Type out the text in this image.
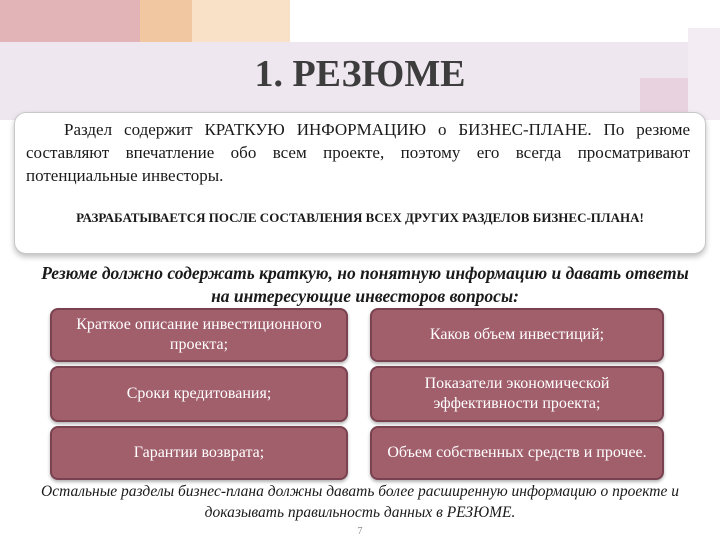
1. РЕЗЮМЕ
Раздел содержит КРАТКУЮ ИНФОРМАЦИЮ о БИЗНЕС-ПЛАНЕ. По резюме составляют впечатление обо всем проекте, поэтому его всегда просматривают потенциальные инвесторы.
РАЗРАБАТЫВАЕТСЯ ПОСЛЕ СОСТАВЛЕНИЯ ВСЕХ ДРУГИХ РАЗДЕЛОВ БИЗНЕС-ПЛАНА!
Резюме должно содержать краткую, но понятную информацию и давать ответы на интересующие инвесторов вопросы:
Краткое описание инвестиционного проекта;
Каков объем инвестиций;
Сроки кредитования;
Показатели экономической эффективности проекта;
Гарантии возврата;	Объем собственных средств и прочее.
Остальные разделы бизнес-плана должны давать более расширенную информацию о проекте и доказывать правильность данных в РЕЗЮМЕ.
7
